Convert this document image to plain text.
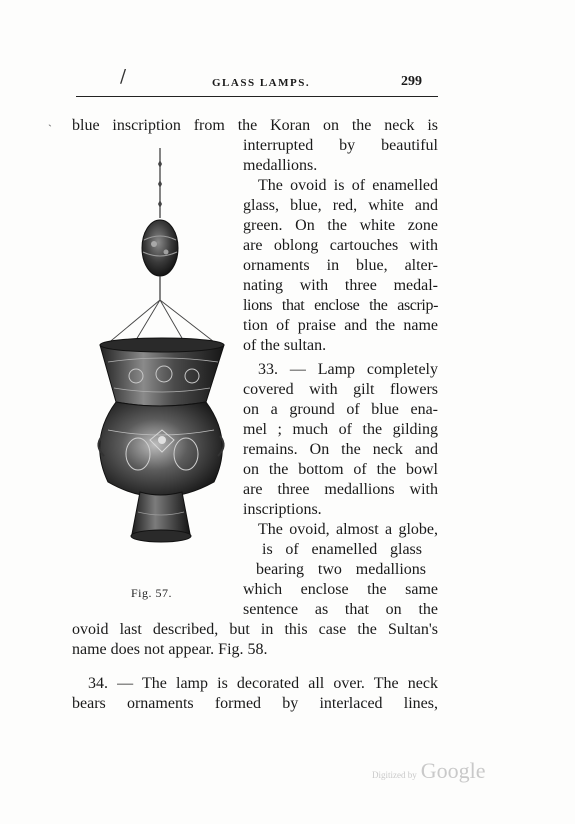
/	GLASS LAMPS.	299
` blue inscription from the Koran on the neck is
interrupted by beautiful
medallions.
The ovoid is of enamelled
glass, blue, red, white and
green. On the white zone
are oblong cartouches with
ornaments in blue, alter-
nating with three medal-
lions that enclose the ascrip-
tion of praise and the name
of the sultan.
33. — Lamp completely
covered with gilt flowers
on a ground of blue ena-
mel ; much of the gilding
remains. On the neck and
on the bottom of the bowl
are three medallions with
inscriptions.
The ovoid, almost a globe,
is of enamelled glass
bearing two medallions
which enclose the same
sentence as that on the
ovoid last described, but in this case the Sultan's
name does not appear. Fig. 58.
34. — The lamp is decorated all over. The neck
bears ornaments formed by interlaced lines,
Fig. 57.
Digitized by Google
